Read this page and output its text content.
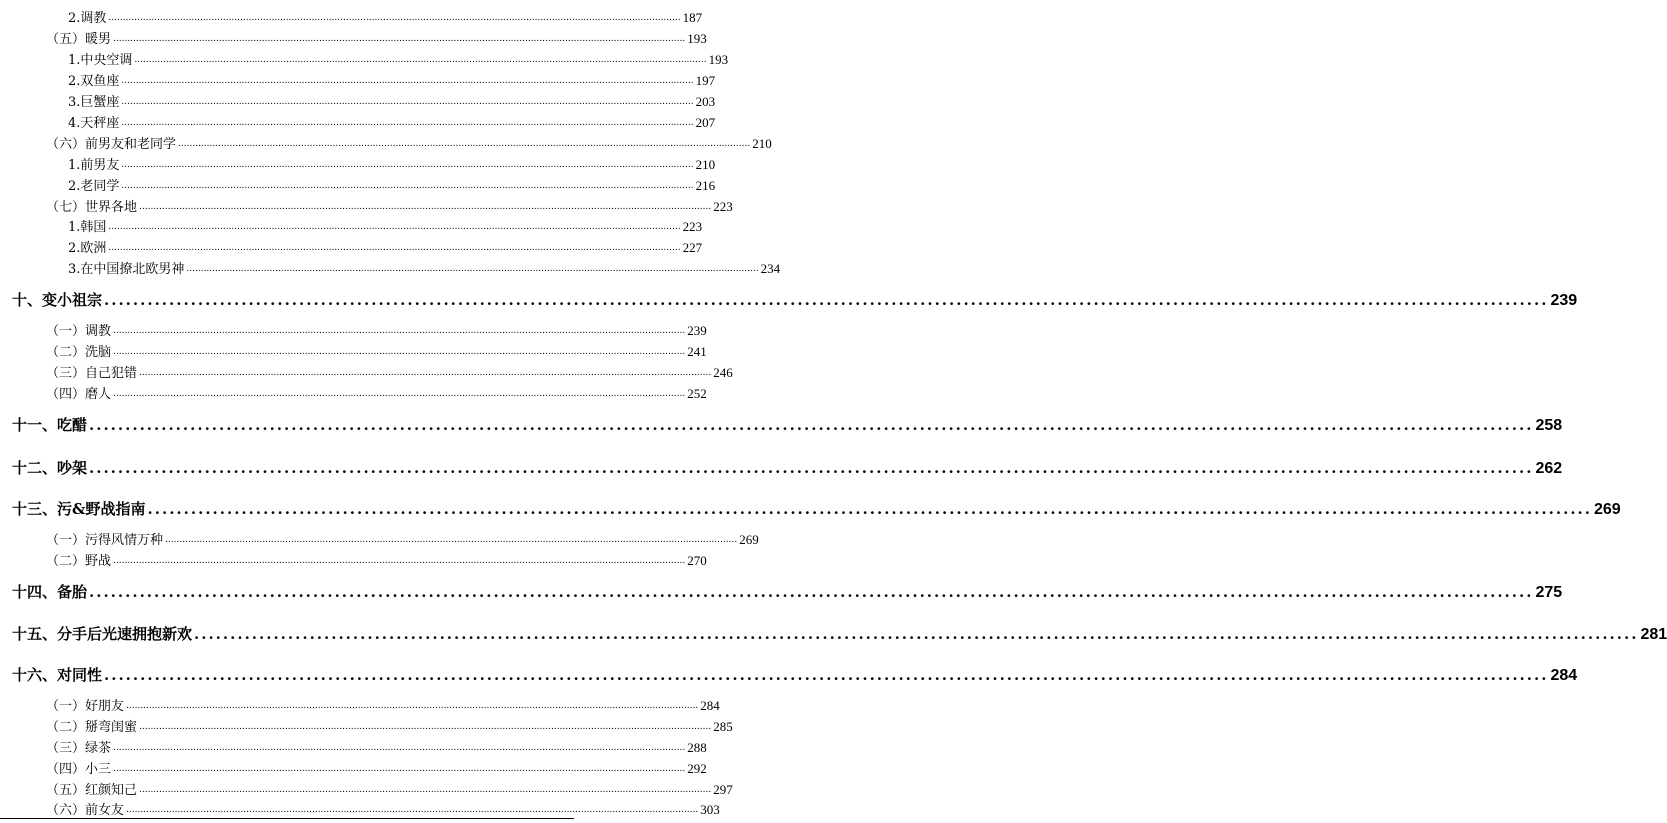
2.调教 ........................................................................................................................................................................................................ 187
（五）暖男 ........................................................................................................................................................................................................ 193
1.中央空调 ........................................................................................................................................................................................................ 193
2.双鱼座 ........................................................................................................................................................................................................ 197
3.巨蟹座 ........................................................................................................................................................................................................ 203
4.天秤座 ........................................................................................................................................................................................................ 207
（六）前男友和老同学 ........................................................................................................................................................................................................ 210
1.前男友 ........................................................................................................................................................................................................ 210
2.老同学 ........................................................................................................................................................................................................ 216
（七）世界各地 ........................................................................................................................................................................................................ 223
1.韩国 ........................................................................................................................................................................................................ 223
2.欧洲 ........................................................................................................................................................................................................ 227
3.在中国撩北欧男神 ........................................................................................................................................................................................................ 234
十、变小祖宗 ........................................................................................................................................................................................................ 239
（一）调教 ........................................................................................................................................................................................................ 239
（二）洗脑 ........................................................................................................................................................................................................ 241
（三）自己犯错 ........................................................................................................................................................................................................ 246
（四）磨人 ........................................................................................................................................................................................................ 252
十一、吃醋 ........................................................................................................................................................................................................ 258
十二、吵架 ........................................................................................................................................................................................................ 262
十三、污&野战指南 ........................................................................................................................................................................................................ 269
（一）污得风情万种 ........................................................................................................................................................................................................ 269
（二）野战 ........................................................................................................................................................................................................ 270
十四、备胎 ........................................................................................................................................................................................................ 275
十五、分手后光速拥抱新欢 ........................................................................................................................................................................................................ 281
十六、对同性 ........................................................................................................................................................................................................ 284
（一）好朋友 ........................................................................................................................................................................................................ 284
（二）掰弯闺蜜 ........................................................................................................................................................................................................ 285
（三）绿茶 ........................................................................................................................................................................................................ 288
（四）小三 ........................................................................................................................................................................................................ 292
（五）红颜知己 ........................................................................................................................................................................................................ 297
（六）前女友 ........................................................................................................................................................................................................ 303
